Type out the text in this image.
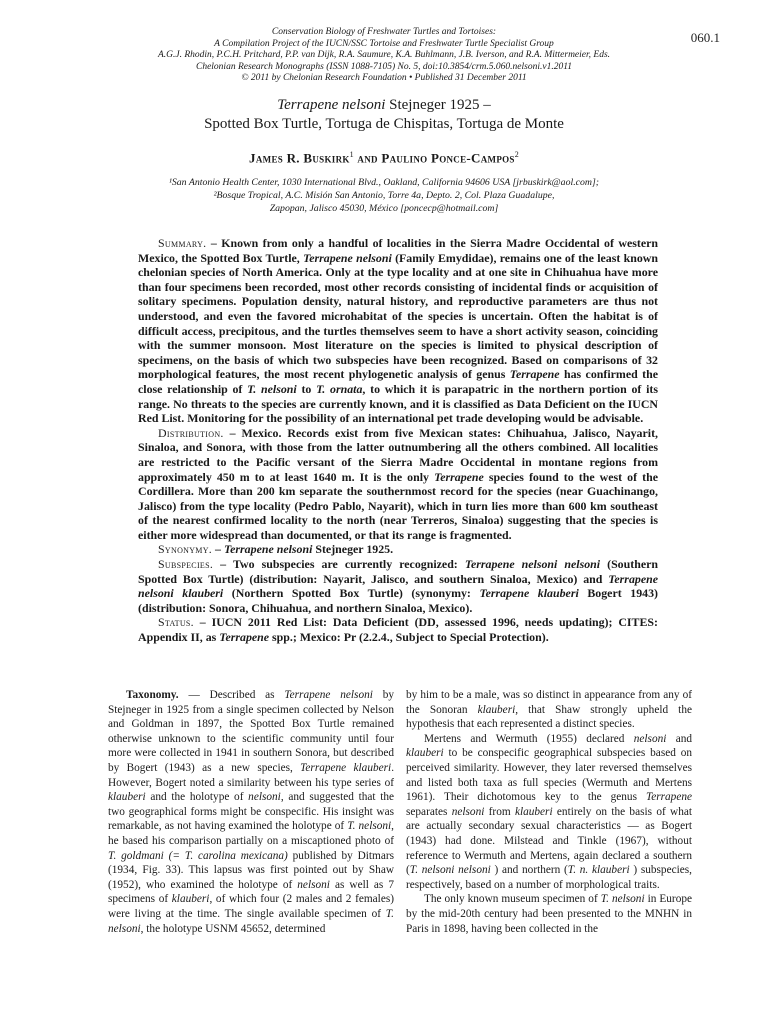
060.1
Conservation Biology of Freshwater Turtles and Tortoises:
A Compilation Project of the IUCN/SSC Tortoise and Freshwater Turtle Specialist Group
A.G.J. Rhodin, P.C.H. Pritchard, P.P. van Dijk, R.A. Saumure, K.A. Buhlmann, J.B. Iverson, and R.A. Mittermeier, Eds.
Chelonian Research Monographs (ISSN 1088-7105) No. 5, doi:10.3854/crm.5.060.nelsoni.v1.2011
© 2011 by Chelonian Research Foundation • Published 31 December 2011
Terrapene nelsoni Stejneger 1925 –
Spotted Box Turtle, Tortuga de Chispitas, Tortuga de Monte
James R. Buskirk$^1$ and Paulino Ponce-Campos$^2$
¹San Antonio Health Center, 1030 International Blvd., Oakland, California 94606 USA [jrbuskirk@aol.com];
²Bosque Tropical, A.C. Misión San Antonio, Torre 4a, Depto. 2, Col. Plaza Guadalupe,
Zapopan, Jalisco 45030, México [poncecp@hotmail.com]

Summary. – Known from only a handful of localities in the Sierra Madre Occidental of western Mexico, the Spotted Box Turtle, Terrapene nelsoni (Family Emydidae), remains one of the least known chelonian species of North America. Only at the type locality and at one site in Chihuahua have more than four specimens been recorded, most other records consisting of incidental finds or acquisition of solitary specimens. Population density, natural history, and reproductive parameters are thus not understood, and even the favored microhabitat of the species is uncertain. Often the habitat is of difficult access, precipitous, and the turtles themselves seem to have a short activity season, coinciding with the summer monsoon. Most literature on the species is limited to physical description of specimens, on the basis of which two subspecies have been recognized. Based on comparisons of 32 morphological features, the most recent phylogenetic analysis of genus Terrapene has confirmed the close relationship of T. nelsoni to T. ornata, to which it is parapatric in the northern portion of its range. No threats to the species are currently known, and it is classified as Data Deficient on the IUCN Red List. Monitoring for the possibility of an international pet trade developing would be advisable.

Distribution. – Mexico. Records exist from five Mexican states: Chihuahua, Jalisco, Nayarit, Sinaloa, and Sonora, with those from the latter outnumbering all the others combined. All localities are restricted to the Pacific versant of the Sierra Madre Occidental in montane regions from approximately 450 m to at least 1640 m. It is the only Terrapene species found to the west of the Cordillera. More than 200 km separate the southernmost record for the species (near Guachinango, Jalisco) from the type locality (Pedro Pablo, Nayarit), which in turn lies more than 600 km southeast of the nearest confirmed locality to the north (near Terreros, Sinaloa) suggesting that the species is either more widespread than documented, or that its range is fragmented.

Synonymy. – Terrapene nelsoni Stejneger 1925.

Subspecies. – Two subspecies are currently recognized: Terrapene nelsoni nelsoni (Southern Spotted Box Turtle) (distribution: Nayarit, Jalisco, and southern Sinaloa, Mexico) and Terrapene nelsoni klauberi (Northern Spotted Box Turtle) (synonymy: Terrapene klauberi Bogert 1943) (distribution: Sonora, Chihuahua, and northern Sinaloa, Mexico).

Status. – IUCN 2011 Red List: Data Deficient (DD, assessed 1996, needs updating); CITES: Appendix II, as Terrapene spp.; Mexico: Pr (2.2.4., Subject to Special Protection).

Taxonomy. — Described as Terrapene nelsoni by Stejneger in 1925 from a single specimen collected by Nelson and Goldman in 1897, the Spotted Box Turtle remained otherwise unknown to the scientific community until four more were collected in 1941 in southern Sonora, but described by Bogert (1943) as a new species, Terrapene klauberi. However, Bogert noted a similarity between his type series of klauberi and the holotype of nelsoni, and suggested that the two geographical forms might be conspecific. His insight was remarkable, as not having examined the holotype of T. nelsoni, he based his comparison partially on a miscaptioned photo of T. goldmani (= T. carolina mexicana) published by Ditmars (1934, Fig. 33). This lapsus was first pointed out by Shaw (1952), who examined the holotype of nelsoni as well as 7 specimens of klauberi, of which four (2 males and 2 females) were living at the time. The single available specimen of T. nelsoni, the holotype USNM 45652, determined

by him to be a male, was so distinct in appearance from any of the Sonoran klauberi, that Shaw strongly upheld the hypothesis that each represented a distinct species.

Mertens and Wermuth (1955) declared nelsoni and klauberi to be conspecific geographical subspecies based on perceived similarity. However, they later reversed themselves and listed both taxa as full species (Wermuth and Mertens 1961). Their dichotomous key to the genus Terrapene separates nelsoni from klauberi entirely on the basis of what are actually secondary sexual characteristics — as Bogert (1943) had done. Milstead and Tinkle (1967), without reference to Wermuth and Mertens, again declared a southern (T. nelsoni nelsoni ) and northern (T. n. klauberi ) subspecies, respectively, based on a number of morphological traits.

The only known museum specimen of T. nelsoni in Europe by the mid-20th century had been presented to the MNHN in Paris in 1898, having been collected in the
